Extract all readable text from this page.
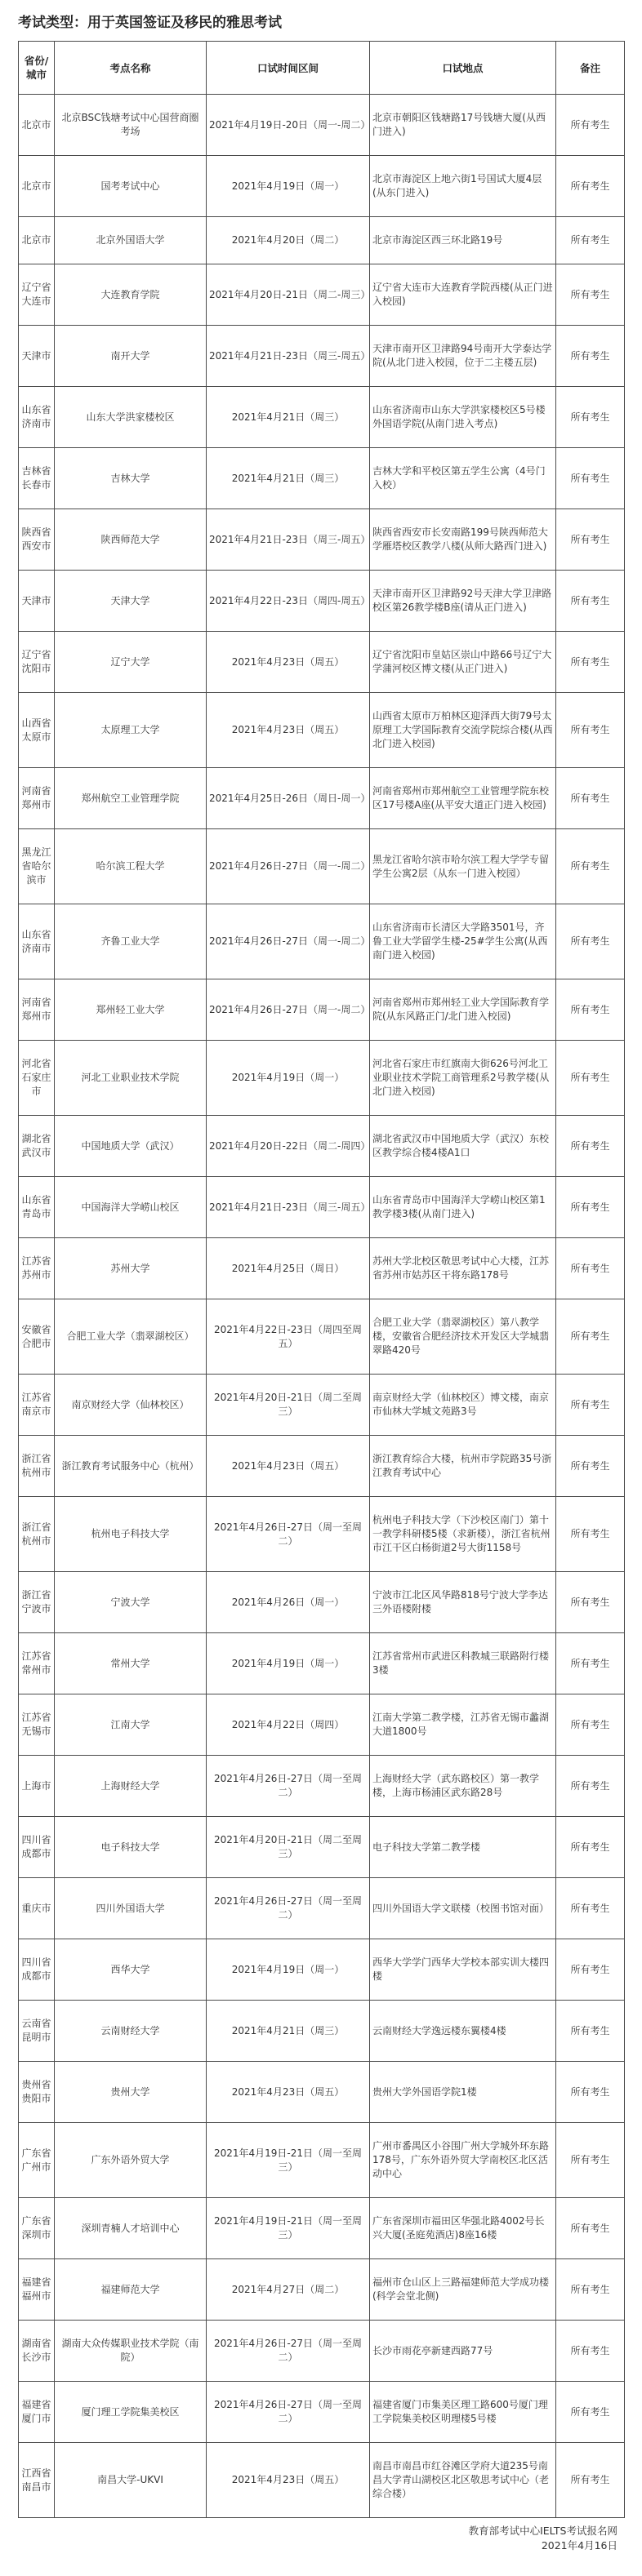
考试类型：用于英国签证及移民的雅思考试
省份/城市	考点名称	口试时间区间	口试地点	备注
北京市	北京BSC钱塘考试中心国营商圈考场	2021年4月19日-20日（周一-周二）	北京市朝阳区钱塘路17号钱塘大厦(从西门进入)	所有考生
北京市	国考考试中心	2021年4月19日（周一）	北京市海淀区上地六街1号国试大厦4层(从东门进入)	所有考生
北京市	北京外国语大学	2021年4月20日（周二）	北京市海淀区西三环北路19号	所有考生
辽宁省大连市	大连教育学院	2021年4月20日-21日（周二-周三）	辽宁省大连市大连教育学院西楼(从正门进入校园)	所有考生
天津市	南开大学	2021年4月21日-23日（周三-周五）	天津市南开区卫津路94号南开大学泰达学院(从北门进入校园，位于二主楼五层)	所有考生
山东省济南市	山东大学洪家楼校区	2021年4月21日（周三）	山东省济南市山东大学洪家楼校区5号楼外国语学院(从南门进入考点)	所有考生
吉林省长春市	吉林大学	2021年4月21日（周三）	吉林大学和平校区第五学生公寓（4号门入校）	所有考生
陕西省西安市	陕西师范大学	2021年4月21日-23日（周三-周五）	陕西省西安市长安南路199号陕西师范大学雁塔校区教学八楼(从师大路西门进入)	所有考生
天津市	天津大学	2021年4月22日-23日（周四-周五）	天津市南开区卫津路92号天津大学卫津路校区第26教学楼B座(请从正门进入)	所有考生
辽宁省沈阳市	辽宁大学	2021年4月23日（周五）	辽宁省沈阳市皇姑区崇山中路66号辽宁大学蒲河校区博文楼(从正门进入)	所有考生
山西省太原市	太原理工大学	2021年4月23日（周五）	山西省太原市万柏林区迎泽西大街79号太原理工大学国际教育交流学院综合楼(从西北门进入校园)	所有考生
河南省郑州市	郑州航空工业管理学院	2021年4月25日-26日（周日-周一）	河南省郑州市郑州航空工业管理学院东校区17号楼A座(从平安大道正门进入校园)	所有考生
黑龙江省哈尔滨市	哈尔滨工程大学	2021年4月26日-27日（周一-周二）	黑龙江省哈尔滨市哈尔滨工程大学学专留学生公寓2层（从东一门进入校园）	所有考生
山东省济南市	齐鲁工业大学	2021年4月26日-27日（周一-周二）	山东省济南市长清区大学路3501号，齐鲁工业大学留学生楼-25#学生公寓(从西南门进入校园)	所有考生
河南省郑州市	郑州轻工业大学	2021年4月26日-27日（周一-周二）	河南省郑州市郑州轻工业大学国际教育学院(从东风路正门/北门进入校园)	所有考生
河北省石家庄市	河北工业职业技术学院	2021年4月19日（周一）	河北省石家庄市红旗南大街626号河北工业职业技术学院工商管理系2号教学楼(从北门进入校园)	所有考生
湖北省武汉市	中国地质大学（武汉）	2021年4月20日-22日（周二-周四）	湖北省武汉市中国地质大学（武汉）东校区教学综合楼4楼A1口	所有考生
山东省青岛市	中国海洋大学崂山校区	2021年4月21日-23日（周三-周五）	山东省青岛市中国海洋大学崂山校区第1教学楼3楼(从南门进入)	所有考生
江苏省苏州市	苏州大学	2021年4月25日（周日）	苏州大学北校区敬思考试中心大楼，江苏省苏州市姑苏区干将东路178号	所有考生
安徽省合肥市	合肥工业大学（翡翠湖校区）	2021年4月22日-23日（周四至周五）	合肥工业大学（翡翠湖校区）第八教学楼，安徽省合肥经济技术开发区大学城翡翠路420号	所有考生
江苏省南京市	南京财经大学（仙林校区）	2021年4月20日-21日（周二至周三）	南京财经大学（仙林校区）博文楼，南京市仙林大学城文苑路3号	所有考生
浙江省杭州市	浙江教育考试服务中心（杭州）	2021年4月23日（周五）	浙江教育综合大楼，杭州市学院路35号浙江教育考试中心	所有考生
浙江省杭州市	杭州电子科技大学	2021年4月26日-27日（周一至周二）	杭州电子科技大学（下沙校区南门）第十一教学科研楼5楼（求新楼），浙江省杭州市江干区白杨街道2号大街1158号	所有考生
浙江省宁波市	宁波大学	2021年4月26日（周一）	宁波市江北区风华路818号宁波大学李达三外语楼附楼	所有考生
江苏省常州市	常州大学	2021年4月19日（周一）	江苏省常州市武进区科教城三联路附行楼3楼	所有考生
江苏省无锡市	江南大学	2021年4月22日（周四）	江南大学第二教学楼，江苏省无锡市蠡湖大道1800号	所有考生
上海市	上海财经大学	2021年4月26日-27日（周一至周二）	上海财经大学（武东路校区）第一教学楼，上海市杨浦区武东路28号	所有考生
四川省成都市	电子科技大学	2021年4月20日-21日（周二至周三）	电子科技大学第二教学楼	所有考生
重庆市	四川外国语大学	2021年4月26日-27日（周一至周二）	四川外国语大学文联楼（校图书馆对面）	所有考生
四川省成都市	西华大学	2021年4月19日（周一）	西华大学学门西华大学校本部实训大楼四楼	所有考生
云南省昆明市	云南财经大学	2021年4月21日（周三）	云南财经大学逸远楼东翼楼4楼	所有考生
贵州省贵阳市	贵州大学	2021年4月23日（周五）	贵州大学外国语学院1楼	所有考生
广东省广州市	广东外语外贸大学	2021年4月19日-21日（周一至周三）	广州市番禺区小谷围广州大学城外环东路178号，广东外语外贸大学南校区北区活动中心	所有考生
广东省深圳市	深圳青楠人才培训中心	2021年4月19日-21日（周一至周三）	广东省深圳市福田区华强北路4002号长兴大厦(圣庭苑酒店)8座16楼	所有考生
福建省福州市	福建师范大学	2021年4月27日（周二）	福州市仓山区上三路福建师范大学成功楼(科学会堂北侧)	所有考生
湖南省长沙市	湖南大众传媒职业技术学院（南院）	2021年4月26日-27日（周一至周二）	长沙市雨花亭新建西路77号	所有考生
福建省厦门市	厦门理工学院集美校区	2021年4月26日-27日（周一至周二）	福建省厦门市集美区理工路600号厦门理工学院集美校区明理楼5号楼	所有考生
江西省南昌市	南昌大学-UKVI	2021年4月23日（周五）	南昌市南昌市红谷滩区学府大道235号南昌大学青山湖校区北区敬思考试中心（老综合楼）	所有考生
教育部考试中心IELTS考试报名网
2021年4月16日
